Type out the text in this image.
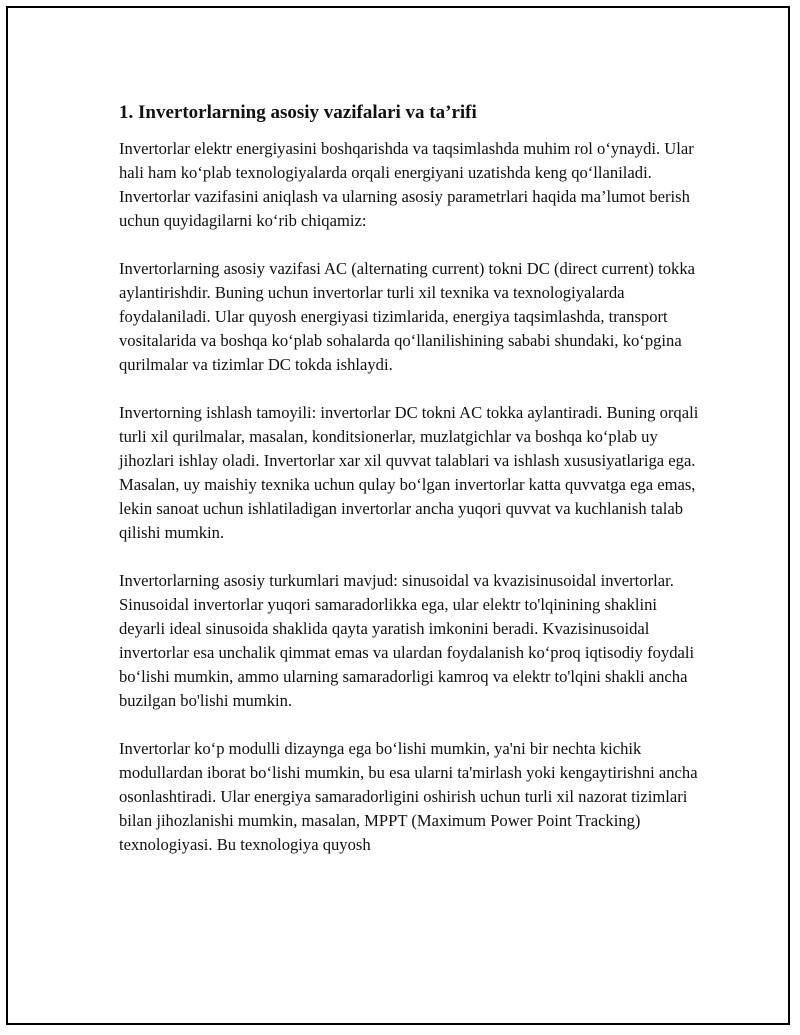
1. Invertorlarning asosiy vazifalari va ta’rifi

Invertorlar elektr energiyasini boshqarishda va taqsimlashda muhim rol o‘ynaydi. Ular hali ham ko‘plab texnologiyalarda orqali energiyani uzatishda keng qo‘llaniladi. Invertorlar vazifasini aniqlash va ularning asosiy parametrlari haqida ma’lumot berish uchun quyidagilarni ko‘rib chiqamiz:

Invertorlarning asosiy vazifasi AC (alternating current) tokni DC (direct current) tokka aylantirishdir. Buning uchun invertorlar turli xil texnika va texnologiyalarda foydalaniladi. Ular quyosh energiyasi tizimlarida, energiya taqsimlashda, transport vositalarida va boshqa ko‘plab sohalarda qo‘llanilishining sababi shundaki, ko‘pgina qurilmalar va tizimlar DC tokda ishlaydi.

Invertorning ishlash tamoyili: invertorlar DC tokni AC tokka aylantiradi. Buning orqali turli xil qurilmalar, masalan, konditsionerlar, muzlatgichlar va boshqa ko‘plab uy jihozlari ishlay oladi. Invertorlar xar xil quvvat talablari va ishlash xususiyatlariga ega. Masalan, uy maishiy texnika uchun qulay bo‘lgan invertorlar katta quvvatga ega emas, lekin sanoat uchun ishlatiladigan invertorlar ancha yuqori quvvat va kuchlanish talab qilishi mumkin.

Invertorlarning asosiy turkumlari mavjud: sinusoidal va kvazisinusoidal invertorlar. Sinusoidal invertorlar yuqori samaradorlikka ega, ular elektr to'lqinining shaklini deyarli ideal sinusoida shaklida qayta yaratish imkonini beradi. Kvazisinusoidal invertorlar esa unchalik qimmat emas va ulardan foydalanish ko‘proq iqtisodiy foydali bo‘lishi mumkin, ammo ularning samaradorligi kamroq va elektr to'lqini shakli ancha buzilgan bo'lishi mumkin.

Invertorlar ko‘p modulli dizaynga ega bo‘lishi mumkin, ya'ni bir nechta kichik modullardan iborat bo‘lishi mumkin, bu esa ularni ta'mirlash yoki kengaytirishni ancha osonlashtiradi. Ular energiya samaradorligini oshirish uchun turli xil nazorat tizimlari bilan jihozlanishi mumkin, masalan, MPPT (Maximum Power Point Tracking) texnologiyasi. Bu texnologiya quyosh
